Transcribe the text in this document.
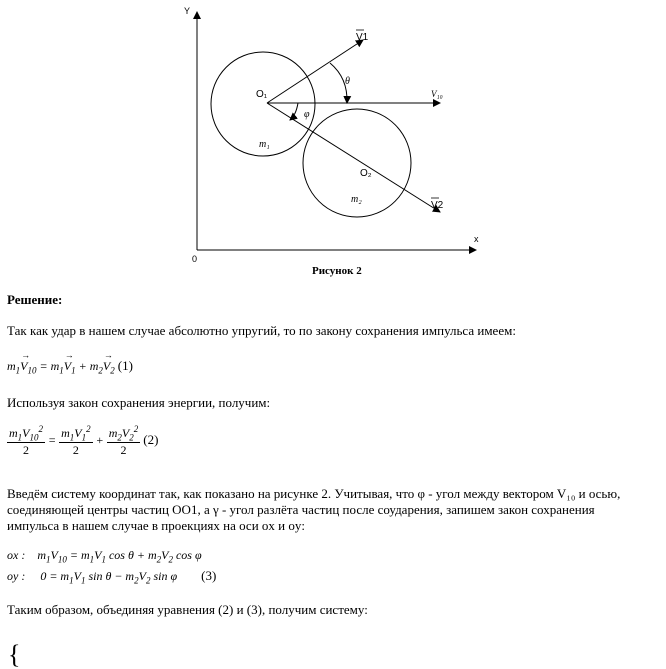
Y
x
0
O₁
O₂
m₁
m₂
V1
V2
V₁₀
θ
φ
Рисунок 2
Решение:
Так как удар в нашем случае абсолютно упругий, то по закону сохранения импульса имеем:
$m_1\to V_{10} = m_1\to V_1 + m_2\to V_2$ (1)
Используя закон сохранения энергии, получим:
$\frac{m_1V_{10}^2}{2} = \frac{m_1V_1^2}{2} + \frac{m_2V_2^2}{2} (2)$
Введём систему координат так, как показано на рисунке 2. Учитывая, что φ - угол между вектором V₁₀ и осью,
соединяющей центры частиц OO1, а γ - угол разлёта частиц после соударения, запишем закон сохранения
импульса в нашем случае в проекциях на оси ox и oy:
ox :    $m_1V_{10} = m_1V_1$ $\cos \theta + m_2V_2$ cos φ
oy :     $0 = m_1V_1$ $\sin \theta - m_2V_2$ sin φ        (3)
Таким образом, объединяя уравнения (2) и (3), получим систему:
{
